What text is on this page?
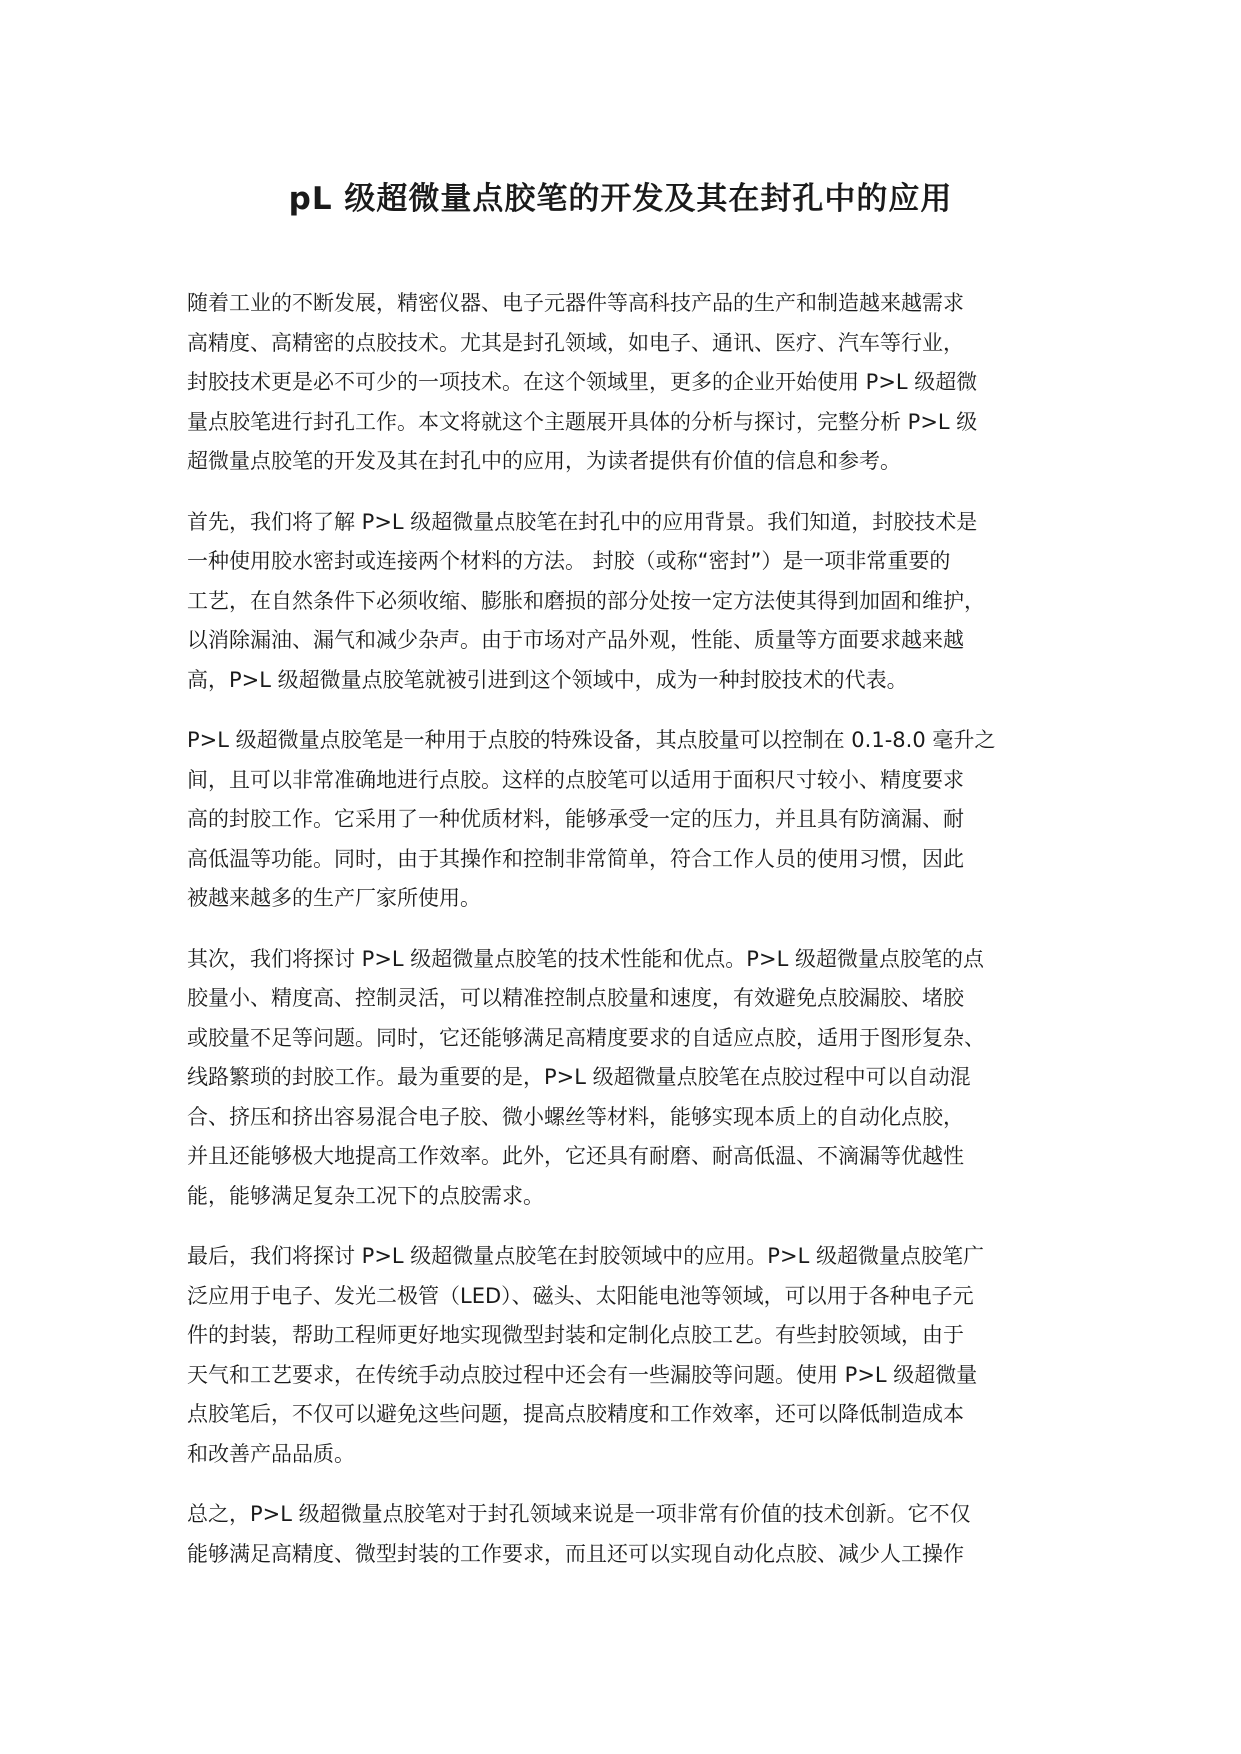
pL 级超微量点胶笔的开发及其在封孔中的应用

随着工业的不断发展，精密仪器、电子元器件等高科技产品的生产和制造越来越需求
高精度、高精密的点胶技术。尤其是封孔领域，如电子、通讯、医疗、汽车等行业，
封胶技术更是必不可少的一项技术。在这个领域里，更多的企业开始使用 P>L 级超微
量点胶笔进行封孔工作。本文将就这个主题展开具体的分析与探讨，完整分析 P>L 级
超微量点胶笔的开发及其在封孔中的应用，为读者提供有价值的信息和参考。

首先，我们将了解 P>L 级超微量点胶笔在封孔中的应用背景。我们知道，封胶技术是
一种使用胶水密封或连接两个材料的方法。 封胶（或称“密封”）是一项非常重要的
工艺，在自然条件下必须收缩、膨胀和磨损的部分处按一定方法使其得到加固和维护，
以消除漏油、漏气和减少杂声。由于市场对产品外观，性能、质量等方面要求越来越
高，P>L 级超微量点胶笔就被引进到这个领域中，成为一种封胶技术的代表。

P>L 级超微量点胶笔是一种用于点胶的特殊设备，其点胶量可以控制在 0.1-8.0 毫升之
间，且可以非常准确地进行点胶。这样的点胶笔可以适用于面积尺寸较小、精度要求
高的封胶工作。它采用了一种优质材料，能够承受一定的压力，并且具有防滴漏、耐
高低温等功能。同时，由于其操作和控制非常简单，符合工作人员的使用习惯，因此
被越来越多的生产厂家所使用。

其次，我们将探讨 P>L 级超微量点胶笔的技术性能和优点。P>L 级超微量点胶笔的点
胶量小、精度高、控制灵活，可以精准控制点胶量和速度，有效避免点胶漏胶、堵胶
或胶量不足等问题。同时，它还能够满足高精度要求的自适应点胶，适用于图形复杂、
线路繁琐的封胶工作。最为重要的是，P>L 级超微量点胶笔在点胶过程中可以自动混
合、挤压和挤出容易混合电子胶、微小螺丝等材料，能够实现本质上的自动化点胶，
并且还能够极大地提高工作效率。此外，它还具有耐磨、耐高低温、不滴漏等优越性
能，能够满足复杂工况下的点胶需求。

最后，我们将探讨 P>L 级超微量点胶笔在封胶领域中的应用。P>L 级超微量点胶笔广
泛应用于电子、发光二极管（LED）、磁头、太阳能电池等领域，可以用于各种电子元
件的封装，帮助工程师更好地实现微型封装和定制化点胶工艺。有些封胶领域，由于
天气和工艺要求，在传统手动点胶过程中还会有一些漏胶等问题。使用 P>L 级超微量
点胶笔后，不仅可以避免这些问题，提高点胶精度和工作效率，还可以降低制造成本
和改善产品品质。

总之，P>L 级超微量点胶笔对于封孔领域来说是一项非常有价值的技术创新。它不仅
能够满足高精度、微型封装的工作要求，而且还可以实现自动化点胶、减少人工操作
